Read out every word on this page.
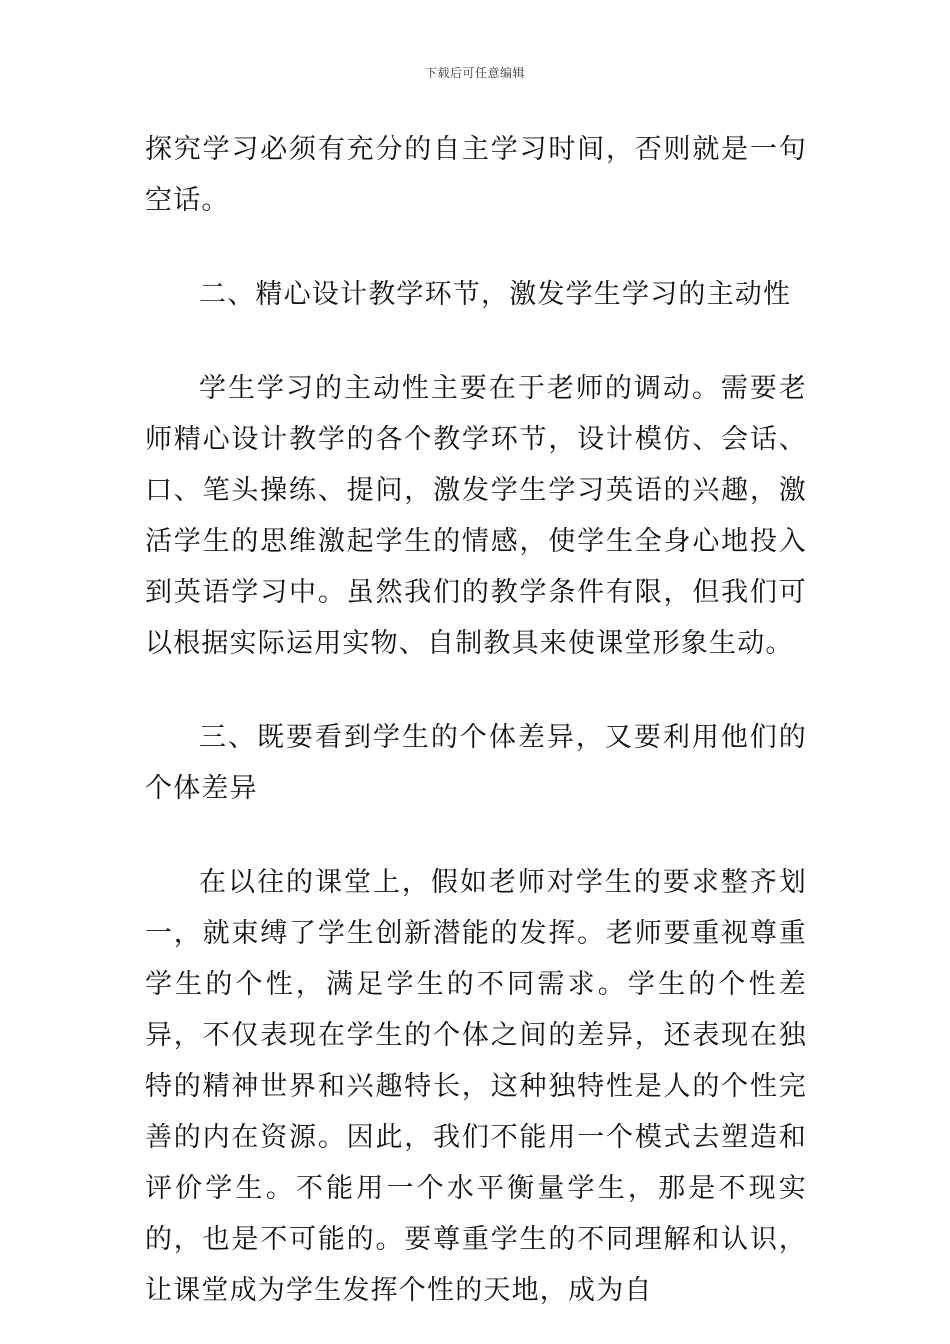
下载后可任意编辑

探究学习必须有充分的自主学习时间，否则就是一句空话。

二、精心设计教学环节，激发学生学习的主动性

学生学习的主动性主要在于老师的调动。需要老师精心设计教学的各个教学环节，设计模仿、会话、口、笔头操练、提问，激发学生学习英语的兴趣，激活学生的思维激起学生的情感，使学生全身心地投入到英语学习中。虽然我们的教学条件有限，但我们可以根据实际运用实物、自制教具来使课堂形象生动。

三、既要看到学生的个体差异，又要利用他们的个体差异

在以往的课堂上，假如老师对学生的要求整齐划一，就束缚了学生创新潜能的发挥。老师要重视尊重学生的个性，满足学生的不同需求。学生的个性差异，不仅表现在学生的个体之间的差异，还表现在独特的精神世界和兴趣特长，这种独特性是人的个性完善的内在资源。因此，我们不能用一个模式去塑造和评价学生。不能用一个水平衡量学生，那是不现实的，也是不可能的。要尊重学生的不同理解和认识，让课堂成为学生发挥个性的天地，成为自
